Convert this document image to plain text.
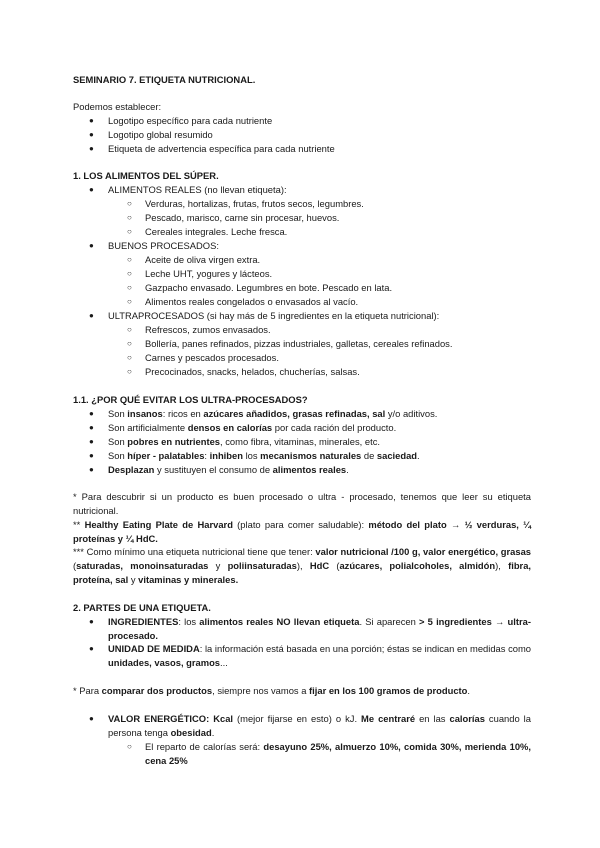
SEMINARIO 7. ETIQUETA NUTRICIONAL.
Podemos establecer:
● Logotipo específico para cada nutriente
● Logotipo global resumido
● Etiqueta de advertencia específica para cada nutriente
1. LOS ALIMENTOS DEL SÚPER.
● ALIMENTOS REALES (no llevan etiqueta):
○ Verduras, hortalizas, frutas, frutos secos, legumbres.
○ Pescado, marisco, carne sin procesar, huevos.
○ Cereales integrales. Leche fresca.
● BUENOS PROCESADOS:
○ Aceite de oliva virgen extra.
○ Leche UHT, yogures y lácteos.
○ Gazpacho envasado. Legumbres en bote. Pescado en lata.
○ Alimentos reales congelados o envasados al vacío.
● ULTRAPROCESADOS (si hay más de 5 ingredientes en la etiqueta nutricional):
○ Refrescos, zumos envasados.
○ Bollería, panes refinados, pizzas industriales, galletas, cereales refinados.
○ Carnes y pescados procesados.
○ Precocinados, snacks, helados, chucherías, salsas.
1.1. ¿POR QUÉ EVITAR LOS ULTRA-PROCESADOS?
● Son insanos: ricos en azúcares añadidos, grasas refinadas, sal y/o aditivos.
● Son artificialmente densos en calorías por cada ración del producto.
● Son pobres en nutrientes, como fibra, vitaminas, minerales, etc.
● Son híper - palatables: inhiben los mecanismos naturales de saciedad.
● Desplazan y sustituyen el consumo de alimentos reales.
* Para descubrir si un producto es buen procesado o ultra - procesado, tenemos que leer su etiqueta nutricional.
** Healthy Eating Plate de Harvard (plato para comer saludable): método del plato → ½ verduras, ¼ proteínas y ¼ HdC.
*** Como mínimo una etiqueta nutricional tiene que tener: valor nutricional /100 g, valor energético, grasas (saturadas, monoinsaturadas y poliinsaturadas), HdC (azúcares, polialcoholes, almidón), fibra, proteína, sal y vitaminas y minerales.
2. PARTES DE UNA ETIQUETA.
● INGREDIENTES: los alimentos reales NO llevan etiqueta. Si aparecen > 5 ingredientes → ultra-procesado.
● UNIDAD DE MEDIDA: la información está basada en una porción; éstas se indican en medidas como unidades, vasos, gramos...
* Para comparar dos productos, siempre nos vamos a fijar en los 100 gramos de producto.
● VALOR ENERGÉTICO: Kcal (mejor fijarse en esto) o kJ. Me centraré en las calorías cuando la persona tenga obesidad.
○ El reparto de calorías será: desayuno 25%, almuerzo 10%, comida 30%, merienda 10%, cena 25%
